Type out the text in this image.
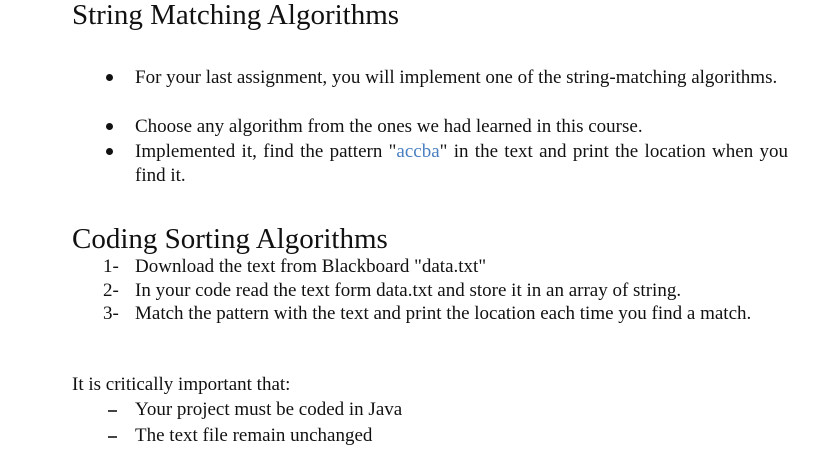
String Matching Algorithms
For your last assignment, you will implement one of the string-matching algorithms.
Choose any algorithm from the ones we had learned in this course.
Implemented it, find the pattern "accba" in the text and print the location when you find it.
Coding Sorting Algorithms
1- Download the text from Blackboard "data.txt"
2- In your code read the text form data.txt and store it in an array of string.
3- Match the pattern with the text and print the location each time you find a match.
It is critically important that:
Your project must be coded in Java
The text file remain unchanged
